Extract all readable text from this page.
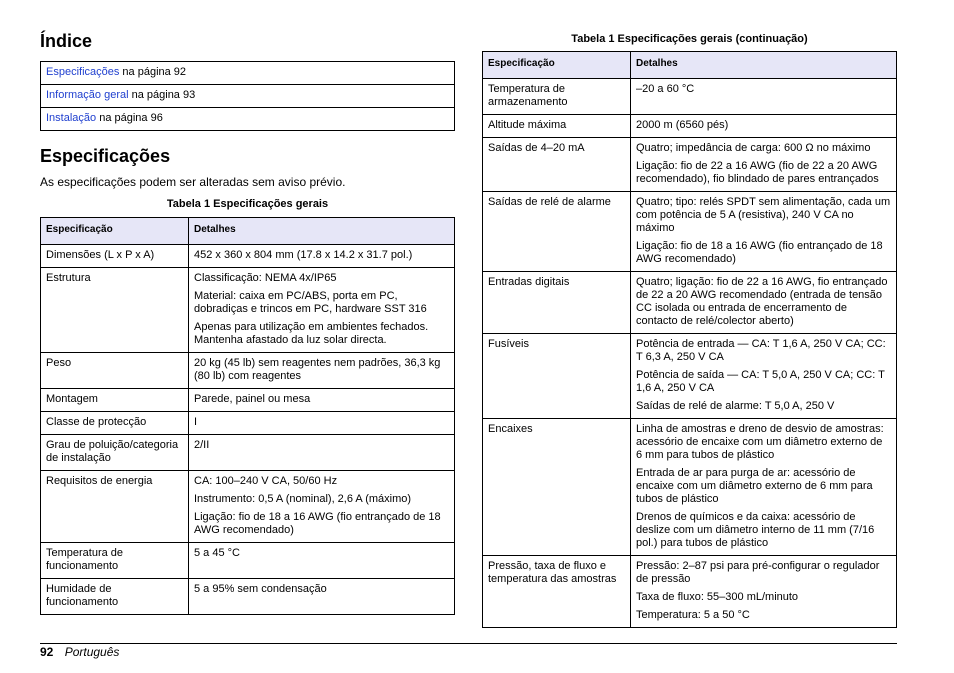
Índice
Especificações na página 92
Informação geral na página 93
Instalação na página 96
Especificações
As especificações podem ser alteradas sem aviso prévio.
Tabela 1 Especificações gerais
Especificação	Detalhes
Dimensões (L x P x A)	452 x 360 x 804 mm (17.8 x 14.2 x 31.7 pol.)

Estrutura	Classificação: NEMA 4x/IP65

Material: caixa em PC/ABS, porta em PC, dobradiças e trincos em PC, hardware SST 316

Apenas para utilização em ambientes fechados. Mantenha afastado da luz solar directa.

Peso	20 kg (45 lb) sem reagentes nem padrões, 36,3 kg (80 lb) com reagentes

Montagem	Parede, painel ou mesa

Classe de protecção	I

Grau de poluição/categoria de instalação	2/II

Requisitos de energia	CA: 100–240 V CA, 50/60 Hz

Instrumento: 0,5 A (nominal), 2,6 A (máximo)

Ligação: fio de 18 a 16 AWG (fio entrançado de 18 AWG recomendado)

Temperatura de funcionamento	5 a 45 °C

Humidade de funcionamento	5 a 95% sem condensação

Tabela 1 Especificações gerais (continuação)
Especificação	Detalhes
Temperatura de armazenamento	–20 a 60 °C

Altitude máxima	2000 m (6560 pés)

Saídas de 4–20 mA	Quatro; impedância de carga: 600 Ω no máximo

Ligação: fio de 22 a 16 AWG (fio de 22 a 20 AWG recomendado), fio blindado de pares entrançados

Saídas de relé de alarme	Quatro; tipo: relés SPDT sem alimentação, cada um com potência de 5 A (resistiva), 240 V CA no máximo

Ligação: fio de 18 a 16 AWG (fio entrançado de 18 AWG recomendado)

Entradas digitais	Quatro; ligação: fio de 22 a 16 AWG, fio entrançado de 22 a 20 AWG recomendado (entrada de tensão CC isolada ou entrada de encerramento de contacto de relé/colector aberto)

Fusíveis	Potência de entrada — CA: T 1,6 A, 250 V CA; CC: T 6,3 A, 250 V CA

Potência de saída — CA: T 5,0 A, 250 V CA; CC: T 1,6 A, 250 V CA

Saídas de relé de alarme: T 5,0 A, 250 V

Encaixes	Linha de amostras e dreno de desvio de amostras: acessório de encaixe com um diâmetro externo de 6 mm para tubos de plástico

Entrada de ar para purga de ar: acessório de encaixe com um diâmetro externo de 6 mm para tubos de plástico

Drenos de químicos e da caixa: acessório de deslize com um diâmetro interno de 11 mm (7/16 pol.) para tubos de plástico

Pressão, taxa de fluxo e temperatura das amostras	Pressão: 2–87 psi para pré-configurar o regulador de pressão

Taxa de fluxo: 55–300 mL/minuto

Temperatura: 5 a 50 °C

92 Português
